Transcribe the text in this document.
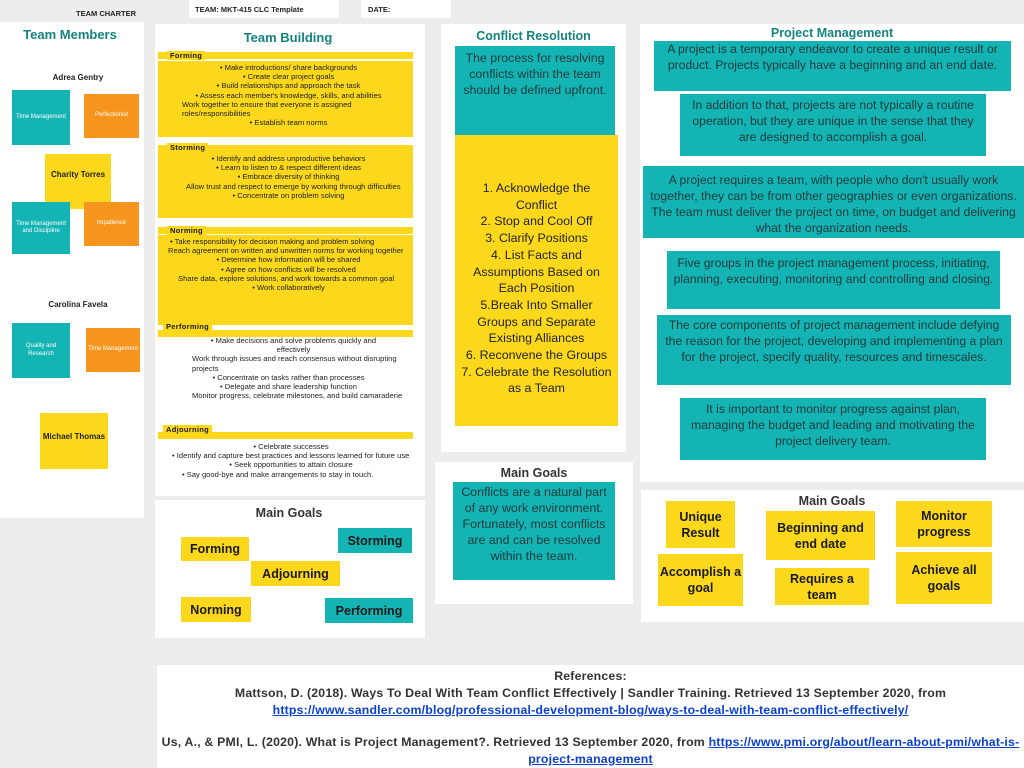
TEAM CHARTER	TEAM: MKT-415 CLC Template	DATE:
Team Members
Adrea Gentry
Time Management	Perfectionist
Charity Torres
Time Management and Discipline
Impatience
Carolina Favela
Quality and Research
Time Management
Michael Thomas
Team Building
Forming
• Make introductions/ share backgrounds
• Create clear project goals
• Build relationships and approach the task
• Assess each member's knowledge, skills, and abilities
Work together to ensure that everyone is assigned roles/responsibilities
• Establish team norms
Storming
• Identify and address unproductive behaviors
• Learn to listen to & respect different ideas
• Embrace diversity of thinking
Allow trust and respect to emerge by working through difficulties
• Concentrate on problem solving
Norming
• Take responsibility for decision making and problem solving
Reach agreement on written and unwritten norms for working together
• Determine how information will be shared
• Agree on how conflicts will be resolved
Share data, explore solutions, and work towards a common goal
• Work collaboratively
Performing
• Make decisions and solve problems quickly and effectively
Work through issues and reach consensus without disrupting projects
• Concentrate on tasks rather than processes
• Delegate and share leadership function
Monitor progress, celebrate milestones, and build camaraderie
Adjourning
• Celebrate successes
• Identify and capture best practices and lessons learned for future use
• Seek opportunities to attain closure
• Say good-bye and make arrangements to stay in touch.
Main Goals
Forming
Storming
Adjourning
Norming	Performing
Conflict Resolution
The process for resolving conflicts within the team should be defined upfront.
1. Acknowledge the Conflict
2. Stop and Cool Off
3. Clarify Positions
4. List Facts and Assumptions Based on Each Position
5.Break Into Smaller Groups and Separate Existing Alliances
6. Reconvene the Groups
7. Celebrate the Resolution as a Team
Main Goals
Conflicts are a natural part of any work environment. Fortunately, most conflicts are and can be resolved within the team.
Project Management
A project is a temporary endeavor to create a unique result or product. Projects typically have a beginning and an end date.
In addition to that, projects are not typically a routine operation, but they are unique in the sense that they are designed to accomplish a goal.
A project requires a team, with people who don't usually work together, they can be from other geographies or even organizations. The team must deliver the project on time, on budget and delivering what the organization needs.
Five groups in the project management process, initiating, planning, executing, monitoring and controlling and closing.
The core components of project management include defying the reason for the project, developing and implementing a plan for the project, specify quality, resources and timescales.
It is important to monitor progress against plan, managing the budget and leading and motivating the project delivery team.
Main Goals
Unique Result	Beginning and end date
Monitor progress
Accomplish a goal
Requires a team
Achieve all goals
References:
Mattson, D. (2018). Ways To Deal With Team Conflict Effectively | Sandler Training. Retrieved 13 September 2020, from
https://www.sandler.com/blog/professional-development-blog/ways-to-deal-with-team-conflict-effectively/
Us, A., & PMI, L. (2020). What is Project Management?. Retrieved 13 September 2020, from https://www.pmi.org/about/learn-about-pmi/what-is-project-management
